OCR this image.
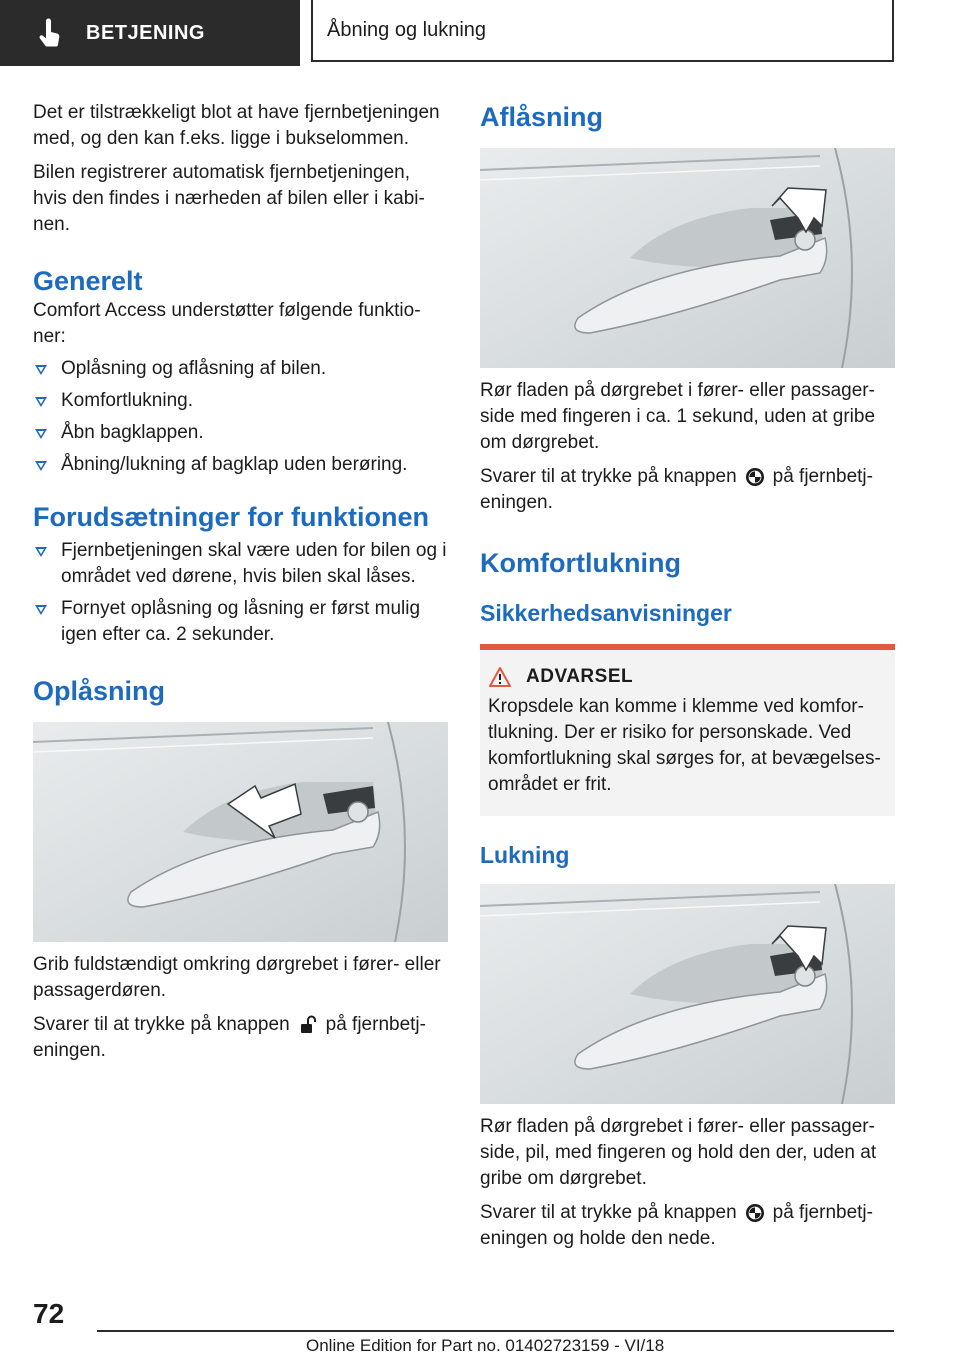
BETJENING	Åbning og lukning

Det er tilstrækkeligt blot at have fjernbetjeningen med, og den kan f.eks. ligge i bukselommen.

Bilen registrerer automatisk fjernbetjeningen, hvis den findes i nærheden af bilen eller i kabi-nen.

Generelt

Comfort Access understøtter følgende funktio-ner:

Oplåsning og aflåsning af bilen.
Komfortlukning.
Åbn bagklappen.
Åbning/lukning af bagklap uden berøring.
Forudsætninger for funktionen
Fjernbetjeningen skal være uden for bilen og i området ved dørene, hvis bilen skal låses.
Fornyet oplåsning og låsning er først mulig igen efter ca. 2 sekunder.
Oplåsning

Grib fuldstændigt omkring dørgrebet i fører- eller passagerdøren.

Svarer til at trykke på knappen på fjernbetj-eningen.

Aflåsning

Rør fladen på dørgrebet i fører- eller passager-side med fingeren i ca. 1 sekund, uden at gribe om dørgrebet.

Svarer til at trykke på knappen på fjernbetj-eningen.

Komfortlukning
Sikkerhedsanvisninger
ADVARSEL

Kropsdele kan komme i klemme ved komfor-tlukning. Der er risiko for personskade. Ved komfortlukning skal sørges for, at bevægelses-området er frit.

Lukning

Rør fladen på dørgrebet i fører- eller passager-side, pil, med fingeren og hold den der, uden at gribe om dørgrebet.

Svarer til at trykke på knappen på fjernbetj-eningen og holde den nede.

72
Online Edition for Part no. 01402723159 - VI/18
